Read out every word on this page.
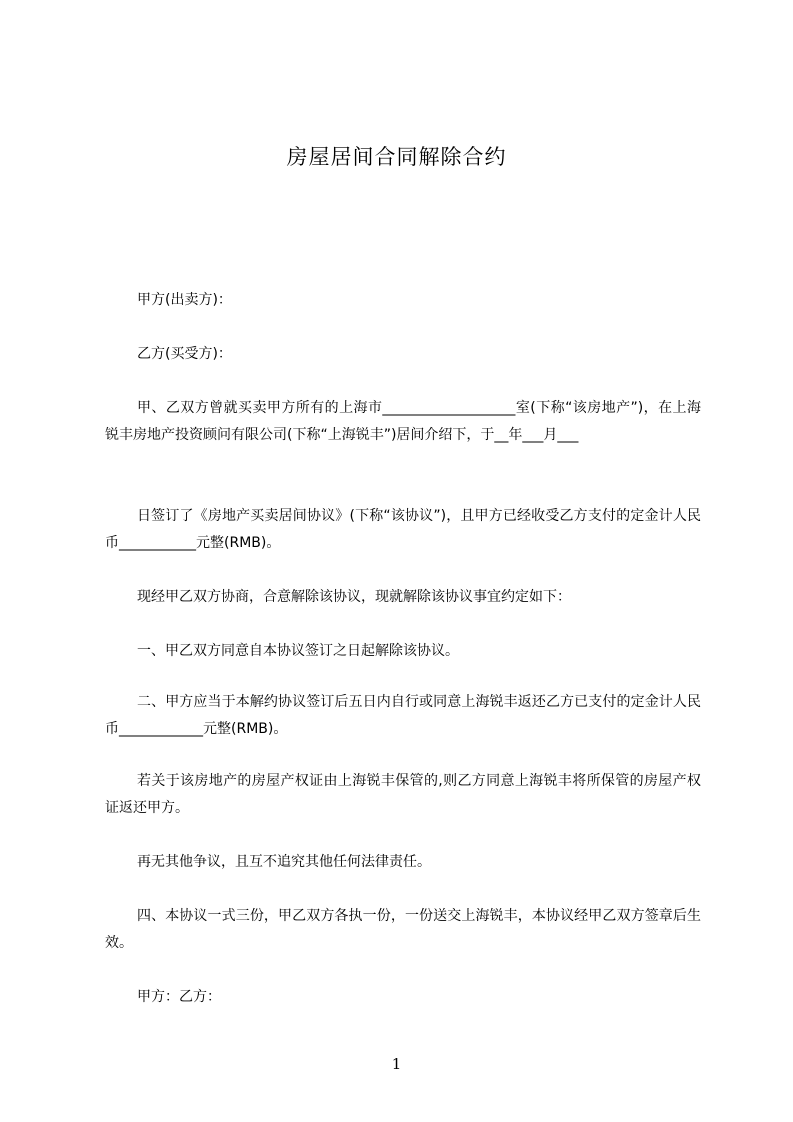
房屋居间合同解除合约

甲方(出卖方)：

乙方(买受方)：

甲、乙双方曾就买卖甲方所有的上海市___________________室(下称“该房地产”)，在上海锐丰房地产投资顾问有限公司(下称“上海锐丰”)居间介绍下，于__年___月___

日签订了《房地产买卖居间协议》(下称“该协议”)，且甲方已经收受乙方支付的定金计人民币___________元整(RMB)。

现经甲乙双方协商，合意解除该协议，现就解除该协议事宜约定如下：

一、甲乙双方同意自本协议签订之日起解除该协议。

二、甲方应当于本解约协议签订后五日内自行或同意上海锐丰返还乙方已支付的定金计人民币____________元整(RMB)。

若关于该房地产的房屋产权证由上海锐丰保管的,则乙方同意上海锐丰将所保管的房屋产权证返还甲方。

再无其他争议，且互不追究其他任何法律责任。

四、本协议一式三份，甲乙双方各执一份，一份送交上海锐丰，本协议经甲乙双方签章后生效。

甲方：乙方：

1
